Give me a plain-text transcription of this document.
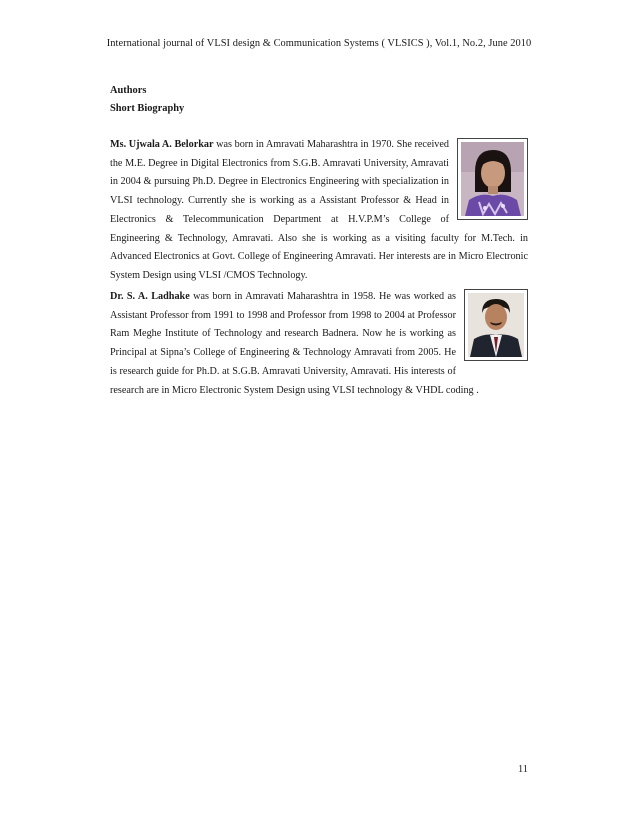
International journal of VLSI design & Communication Systems ( VLSICS ), Vol.1, No.2, June 2010
Authors
Short Biography
Ms. Ujwala A. Belorkar was born in Amravati Maharashtra in 1970. She received the M.E. Degree in Digital Electronics from S.G.B. Amravati University, Amravati in 2004 & pursuing Ph.D. Degree in Electronics Engineering with specialization in VLSI technology. Currently she is working as a Assistant Professor & Head in Electronics & Telecommunication Department at H.V.P.M’s College of Engineering & Technology, Amravati. Also she is working as a visiting faculty for M.Tech. in Advanced Electronics at Govt. College of Engineering Amravati. Her interests are in Micro Electronic System Design using VLSI /CMOS Technology.
Dr. S. A. Ladhake was born in Amravati Maharashtra in 1958. He was worked as Assistant Professor from 1991 to 1998 and Professor from 1998 to 2004 at Professor Ram Meghe Institute of Technology and research Badnera. Now he is working as Principal at Sipna’s College of Engineering & Technology Amravati from 2005. He is research guide for Ph.D. at S.G.B. Amravati University, Amravati. His interests of research are in Micro Electronic System Design using VLSI technology & VHDL coding .
11
